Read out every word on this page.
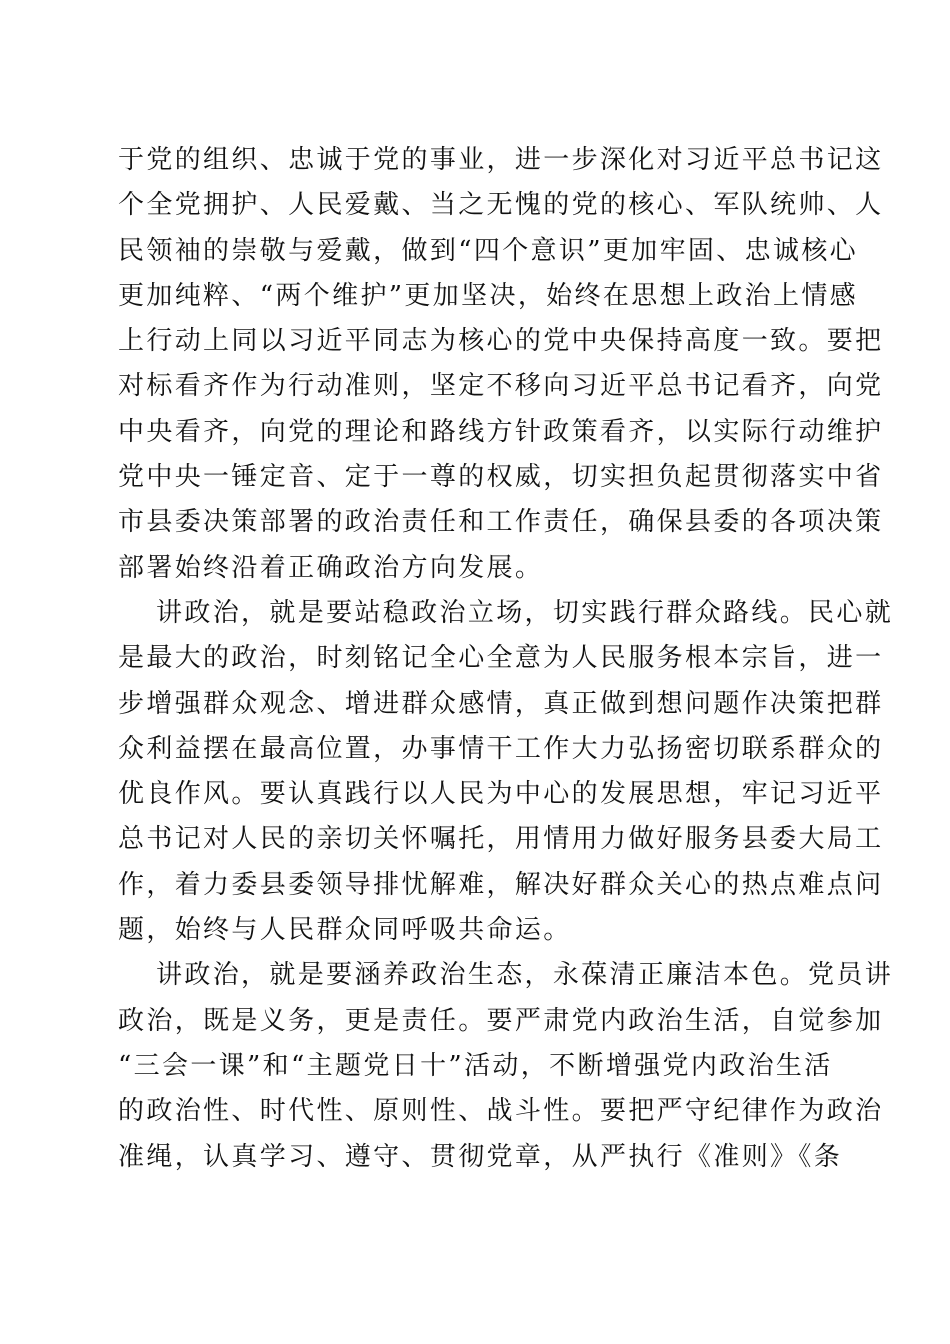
于党的组织、忠诚于党的事业，进一步深化对习近平总书记这
个全党拥护、人民爱戴、当之无愧的党的核心、军队统帅、人
民领袖的崇敬与爱戴，做到“四个意识”更加牢固、忠诚核心
更加纯粹、“两个维护”更加坚决，始终在思想上政治上情感
上行动上同以习近平同志为核心的党中央保持高度一致。要把
对标看齐作为行动准则，坚定不移向习近平总书记看齐，向党
中央看齐，向党的理论和路线方针政策看齐，以实际行动维护
党中央一锤定音、定于一尊的权威，切实担负起贯彻落实中省
市县委决策部署的政治责任和工作责任，确保县委的各项决策
部署始终沿着正确政治方向发展。
讲政治，就是要站稳政治立场，切实践行群众路线。民心就
是最大的政治，时刻铭记全心全意为人民服务根本宗旨，进一
步增强群众观念、增进群众感情，真正做到想问题作决策把群
众利益摆在最高位置，办事情干工作大力弘扬密切联系群众的
优良作风。要认真践行以人民为中心的发展思想，牢记习近平
总书记对人民的亲切关怀嘱托，用情用力做好服务县委大局工
作，着力委县委领导排忧解难，解决好群众关心的热点难点问
题，始终与人民群众同呼吸共命运。
讲政治，就是要涵养政治生态，永葆清正廉洁本色。党员讲
政治，既是义务，更是责任。要严肃党内政治生活，自觉参加
“三会一课”和“主题党日十”活动，不断增强党内政治生活
的政治性、时代性、原则性、战斗性。要把严守纪律作为政治
准绳，认真学习、遵守、贯彻党章，从严执行《准则》《条
